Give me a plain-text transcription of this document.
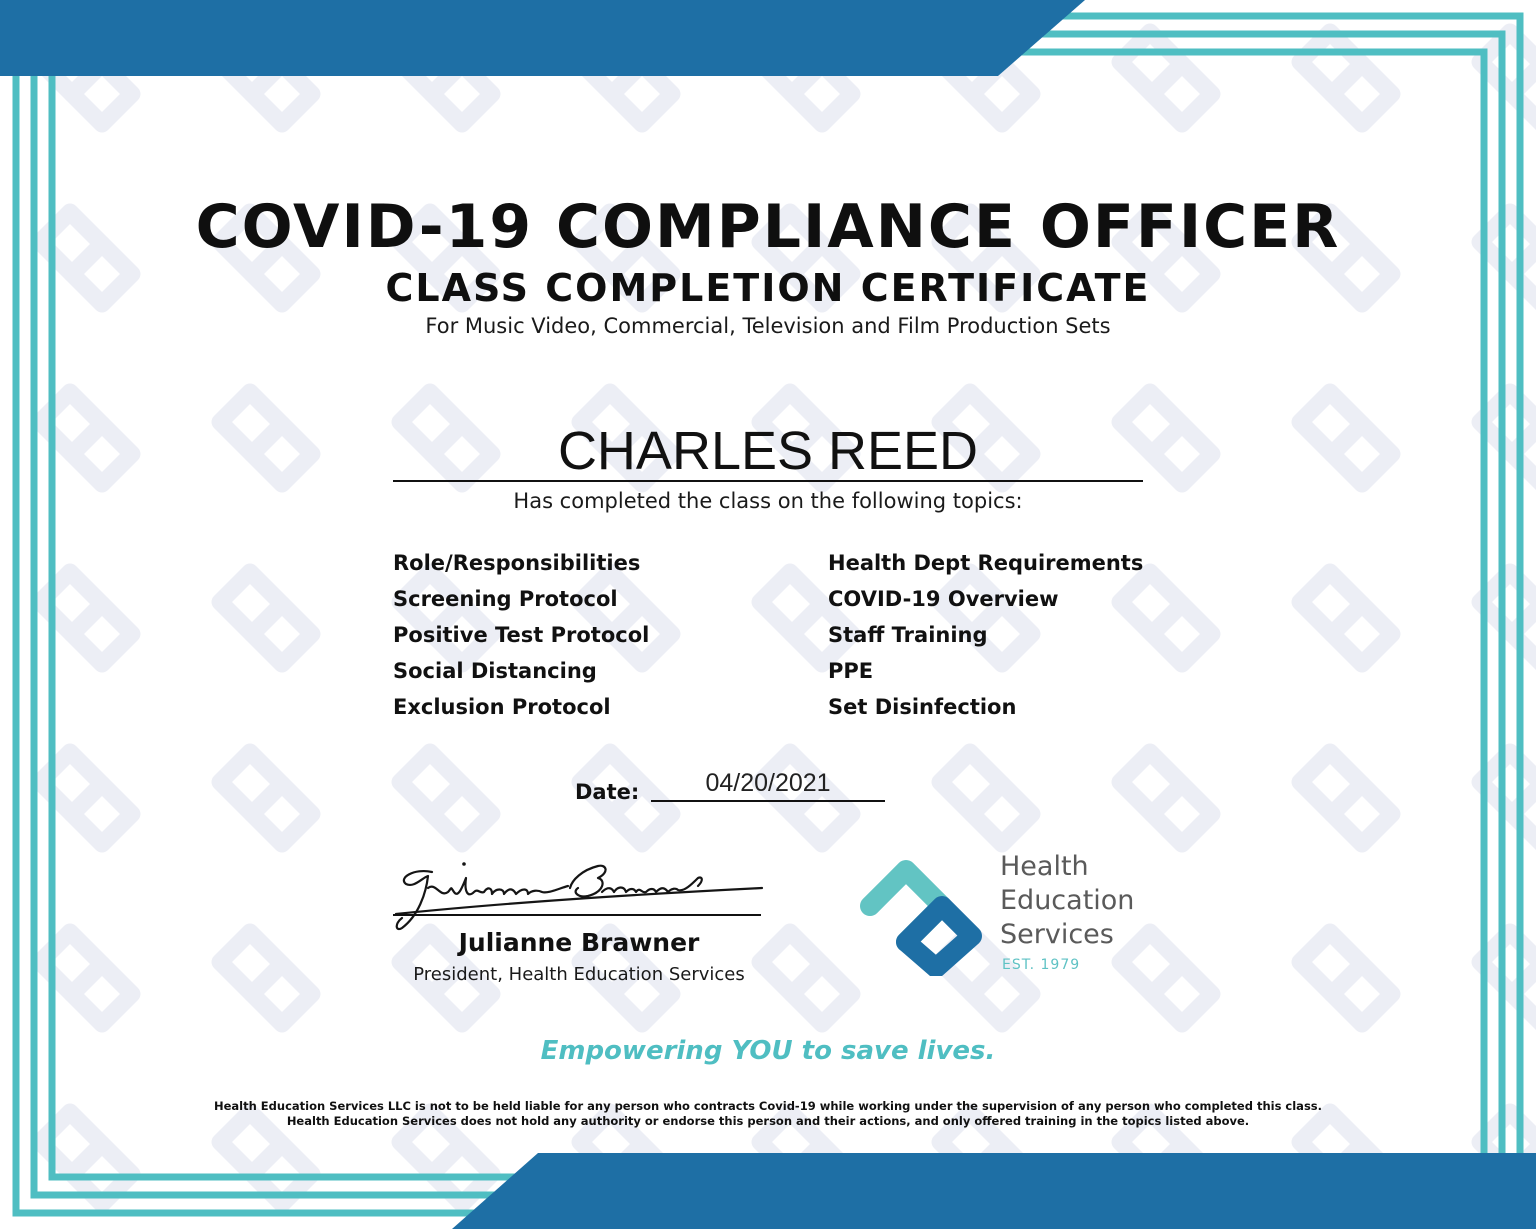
COVID-19 COMPLIANCE OFFICER
CLASS COMPLETION CERTIFICATE
For Music Video, Commercial, Television and Film Production Sets
CHARLES REED
Has completed the class on the following topics:
Role/Responsibilities	Health Dept Requirements
Screening Protocol	COVID-19 Overview
Positive Test Protocol	Staff Training
Social Distancing	PPE
Exclusion Protocol	Set Disinfection
Date:	04/20/2021
Julianne Brawner
President, Health Education Services
Health
Education
Services
EST. 1979
Empowering YOU to save lives.
Health Education Services LLC is not to be held liable for any person who contracts Covid-19 while working under the supervision of any person who completed this class.
Health Education Services does not hold any authority or endorse this person and their actions, and only offered training in the topics listed above.
